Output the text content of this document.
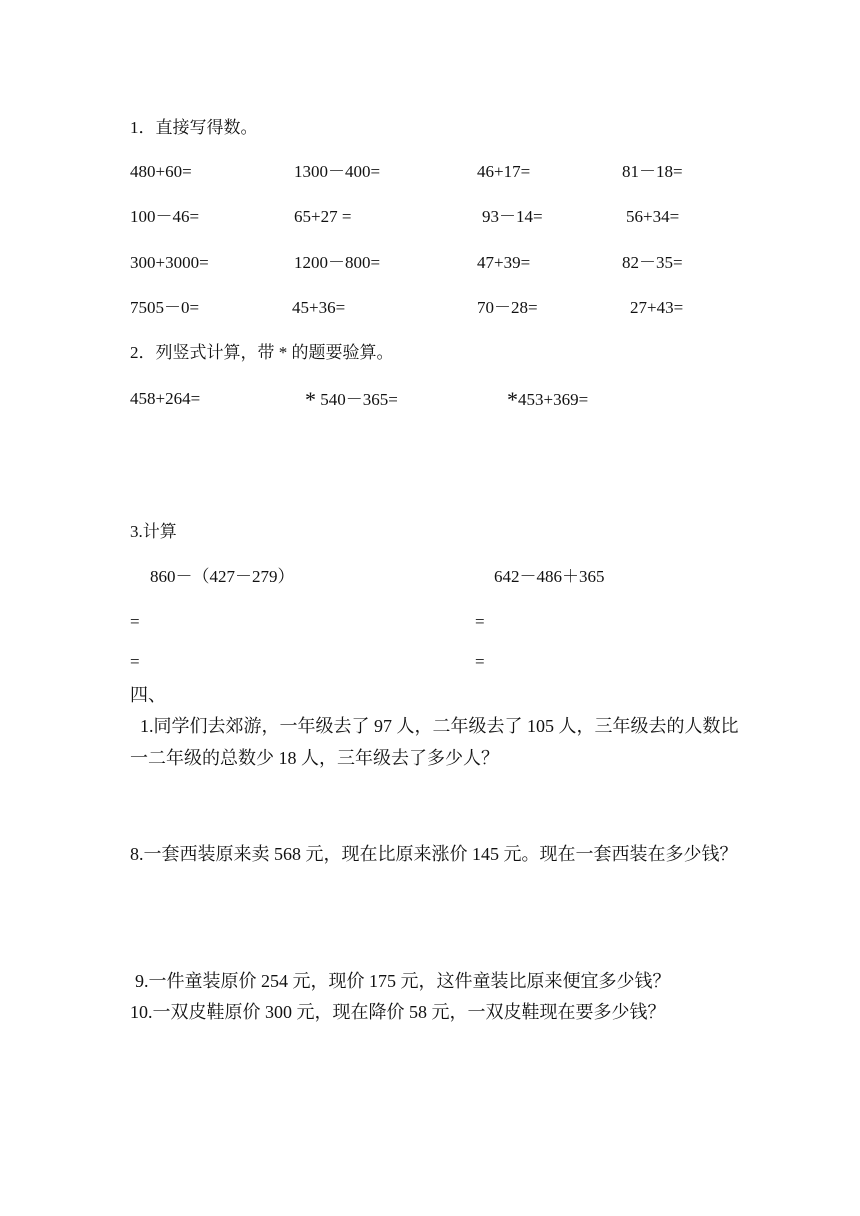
1．直接写得数。
480+60=	1300－400=	46+17=	81－18=
100－46=	65+27 =	93－14=	56+34=
300+3000=	1200－800=	47+39=	82－35=
7505－0=	45+36=	70－28=	27+43=
2．列竖式计算，带 * 的题要验算。
458+264=	* 540－365=	*453+369=
3.计算
860－（427－279）	642－486＋365
=	=
=	=
四、
1.同学们去郊游，一年级去了 97 人，二年级去了 105 人，三年级去的人数比一二年级的总数少 18 人，三年级去了多少人？
8.一套西装原来卖 568 元，现在比原来涨价 145 元。现在一套西装在多少钱？
9.一件童装原价 254 元，现价 175 元，这件童装比原来便宜多少钱？
10.一双皮鞋原价 300 元，现在降价 58 元，一双皮鞋现在要多少钱？
